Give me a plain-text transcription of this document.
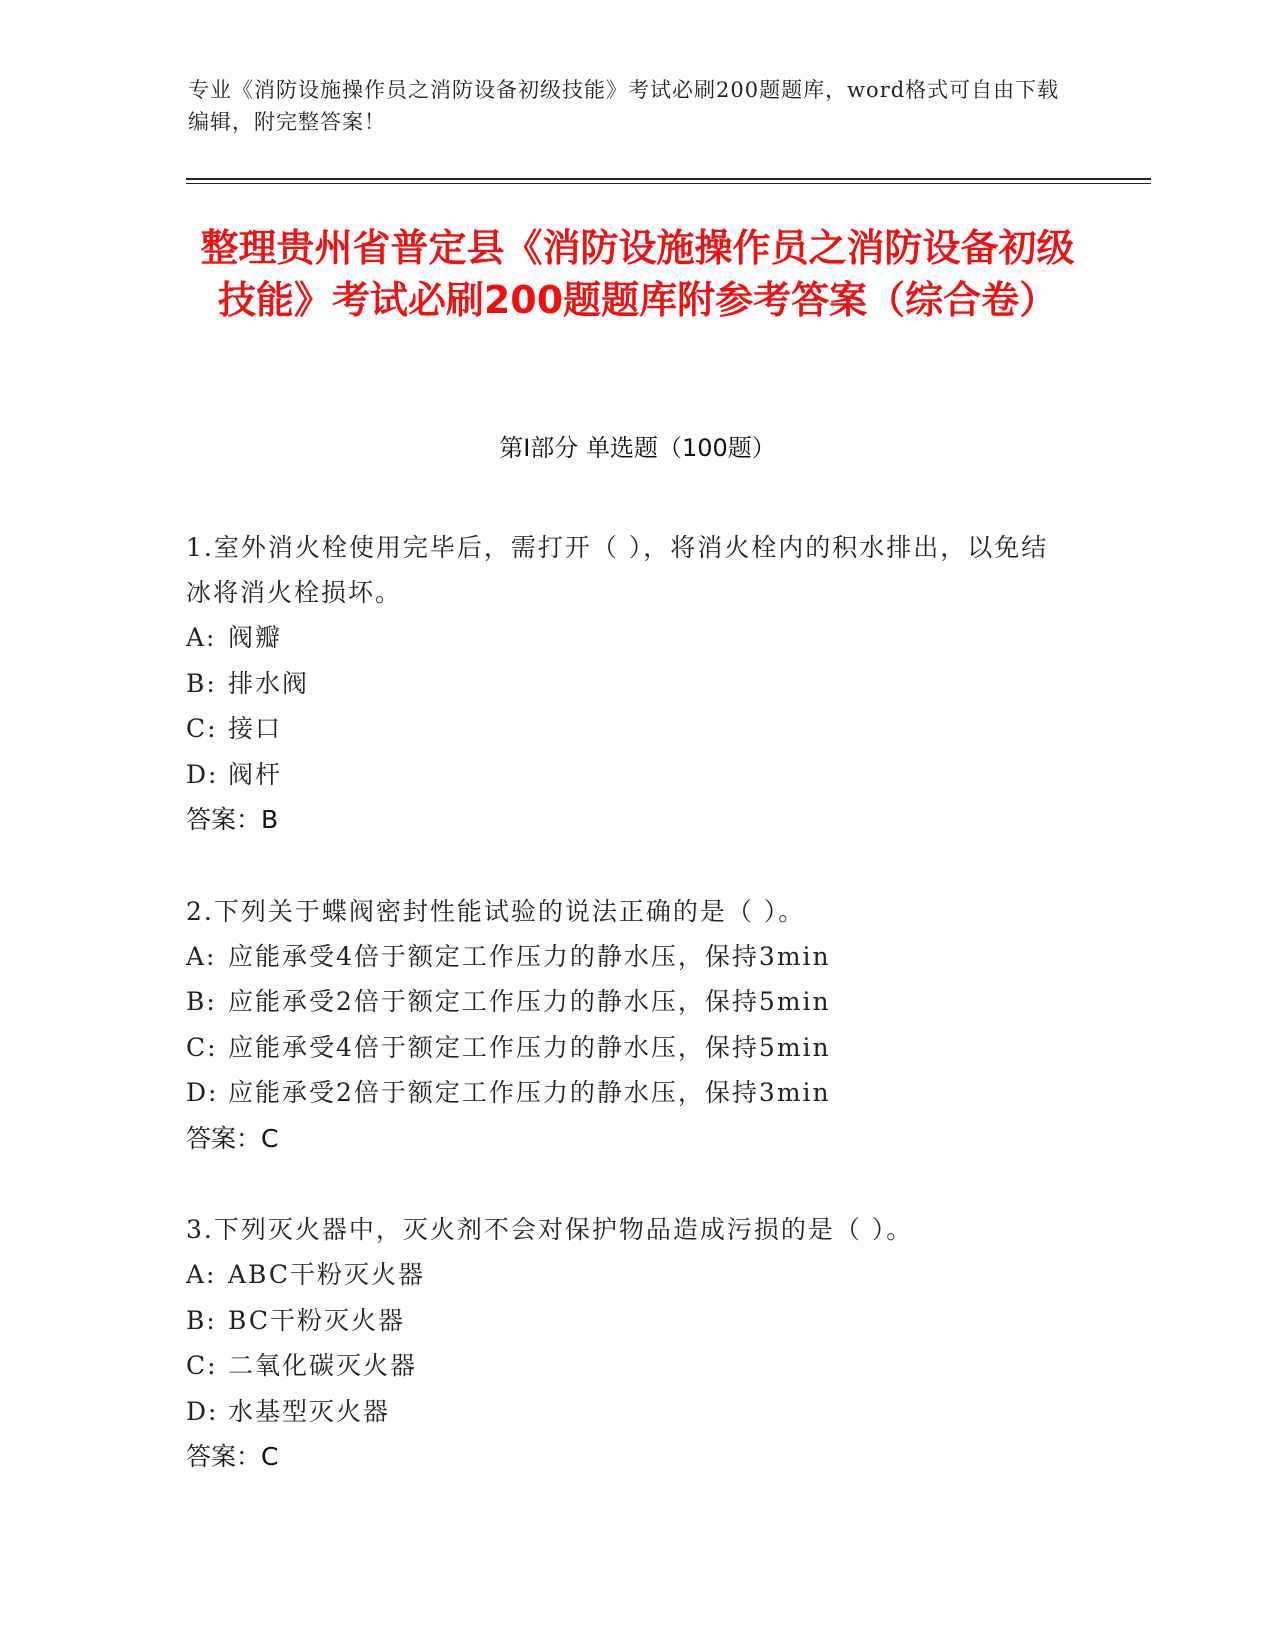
专业《消防设施操作员之消防设备初级技能》考试必刷200题题库，word格式可自由下载编辑，附完整答案！
整理贵州省普定县《消防设施操作员之消防设备初级技能》考试必刷200题题库附参考答案（综合卷）
第Ⅰ部分 单选题（100题）

1.室外消火栓使用完毕后，需打开（ ），将消火栓内的积水排出，以免结冰将消火栓损坏。

A: 阀瓣

B: 排水阀

C: 接口

D: 阀杆

答案：B

2.下列关于蝶阀密封性能试验的说法正确的是（ ）。

A: 应能承受4倍于额定工作压力的静水压，保持3min

B: 应能承受2倍于额定工作压力的静水压，保持5min

C: 应能承受4倍于额定工作压力的静水压，保持5min

D: 应能承受2倍于额定工作压力的静水压，保持3min

答案：C

3.下列灭火器中，灭火剂不会对保护物品造成污损的是（ ）。

A: ABC干粉灭火器

B: BC干粉灭火器

C: 二氧化碳灭火器

D: 水基型灭火器

答案：C
